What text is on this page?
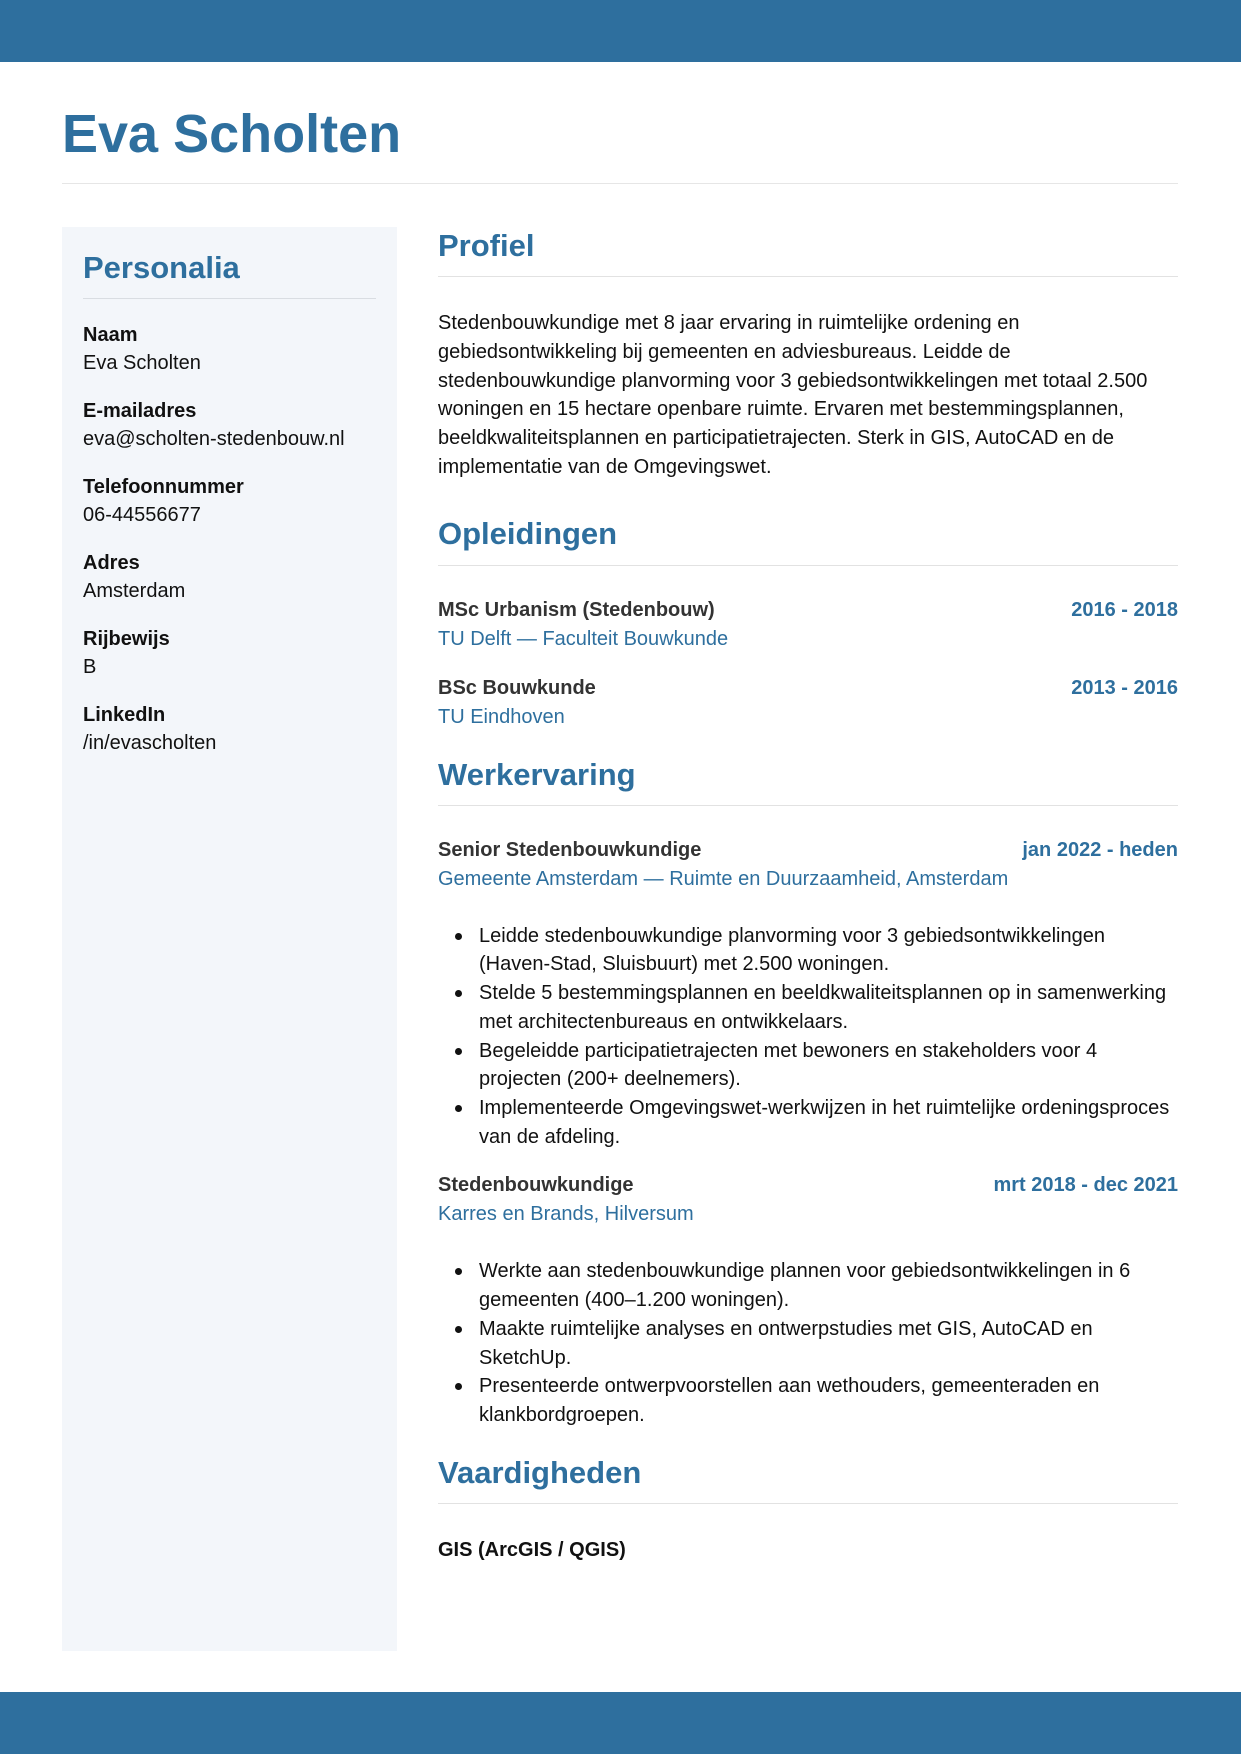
Eva Scholten
Personalia
Naam
Eva Scholten
E-mailadres
eva@scholten-stedenbouw.nl
Telefoonnummer
06-44556677
Adres
Amsterdam
Rijbewijs
B
LinkedIn
/in/evascholten
Profiel

Stedenbouwkundige met 8 jaar ervaring in ruimtelijke ordening en gebiedsontwikkeling bij gemeenten en adviesbureaus. Leidde de stedenbouwkundige planvorming voor 3 gebiedsontwikkelingen met totaal 2.500 woningen en 15 hectare openbare ruimte. Ervaren met bestemmingsplannen, beeldkwaliteitsplannen en participatietrajecten. Sterk in GIS, AutoCAD en de implementatie van de Omgevingswet.

Opleidingen
MSc Urbanism (Stedenbouw)	2016 - 2018
TU Delft — Faculteit Bouwkunde
BSc Bouwkunde	2013 - 2016
TU Eindhoven
Werkervaring
Senior Stedenbouwkundige	jan 2022 - heden
Gemeente Amsterdam — Ruimte en Duurzaamheid, Amsterdam
Leidde stedenbouwkundige planvorming voor 3 gebiedsontwikkelingen (Haven-Stad, Sluisbuurt) met 2.500 woningen.
Stelde 5 bestemmingsplannen en beeldkwaliteitsplannen op in samenwerking met architectenbureaus en ontwikkelaars.
Begeleidde participatietrajecten met bewoners en stakeholders voor 4 projecten (200+ deelnemers).
Implementeerde Omgevingswet-werkwijzen in het ruimtelijke ordeningsproces van de afdeling.
Stedenbouwkundige	mrt 2018 - dec 2021
Karres en Brands, Hilversum
Werkte aan stedenbouwkundige plannen voor gebiedsontwikkelingen in 6 gemeenten (400–1.200 woningen).
Maakte ruimtelijke analyses en ontwerpstudies met GIS, AutoCAD en SketchUp.
Presenteerde ontwerpvoorstellen aan wethouders, gemeenteraden en klankbordgroepen.
Vaardigheden
GIS (ArcGIS / QGIS)
